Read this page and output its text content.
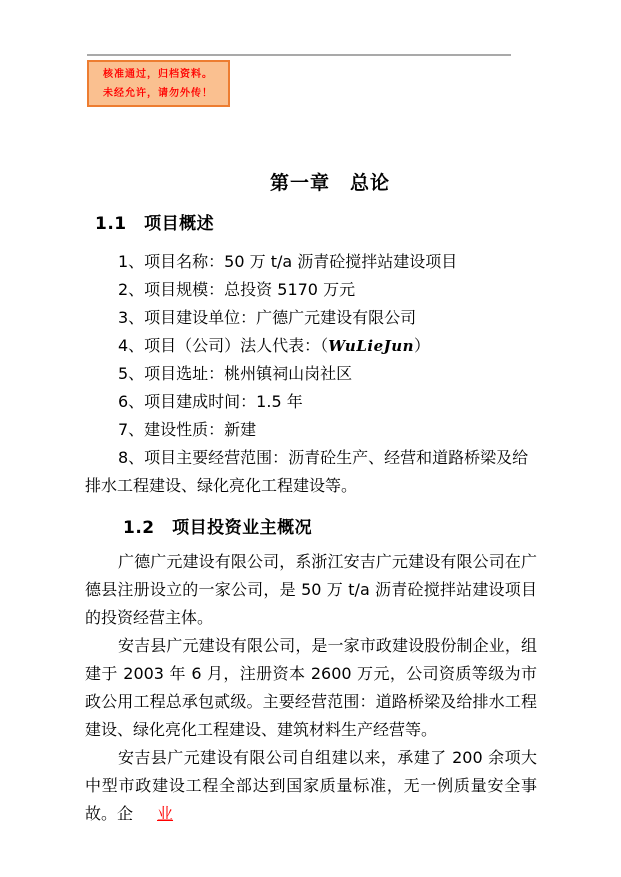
核准通过，归档资料。
未经允许，请勿外传！
第一章　总论
1.1　项目概述

1、项目名称：50 万 t/a 沥青砼搅拌站建设项目

2、项目规模：总投资 5170 万元

3、项目建设单位：广德广元建设有限公司

4、项目（公司）法人代表：（WuLieJun）

5、项目选址：桃州镇祠山岗社区

6、项目建成时间：1.5 年

7、建设性质：新建

8、项目主要经营范围：沥青砼生产、经营和道路桥梁及给排水工程建设、绿化亮化工程建设等。

1.2　项目投资业主概况

广德广元建设有限公司，系浙江安吉广元建设有限公司在广德县注册设立的一家公司，是 50 万 t/a 沥青砼搅拌站建设项目的投资经营主体。

安吉县广元建设有限公司，是一家市政建设股份制企业，组建于 2003 年 6 月，注册资本 2600 万元，公司资质等级为市政公用工程总承包贰级。主要经营范围：道路桥梁及给排水工程建设、绿化亮化工程建设、建筑材料生产经营等。

安吉县广元建设有限公司自组建以来，承建了 200 余项大中型市政建设工程全部达到国家质量标准，无一例质量安全事故。企 业
